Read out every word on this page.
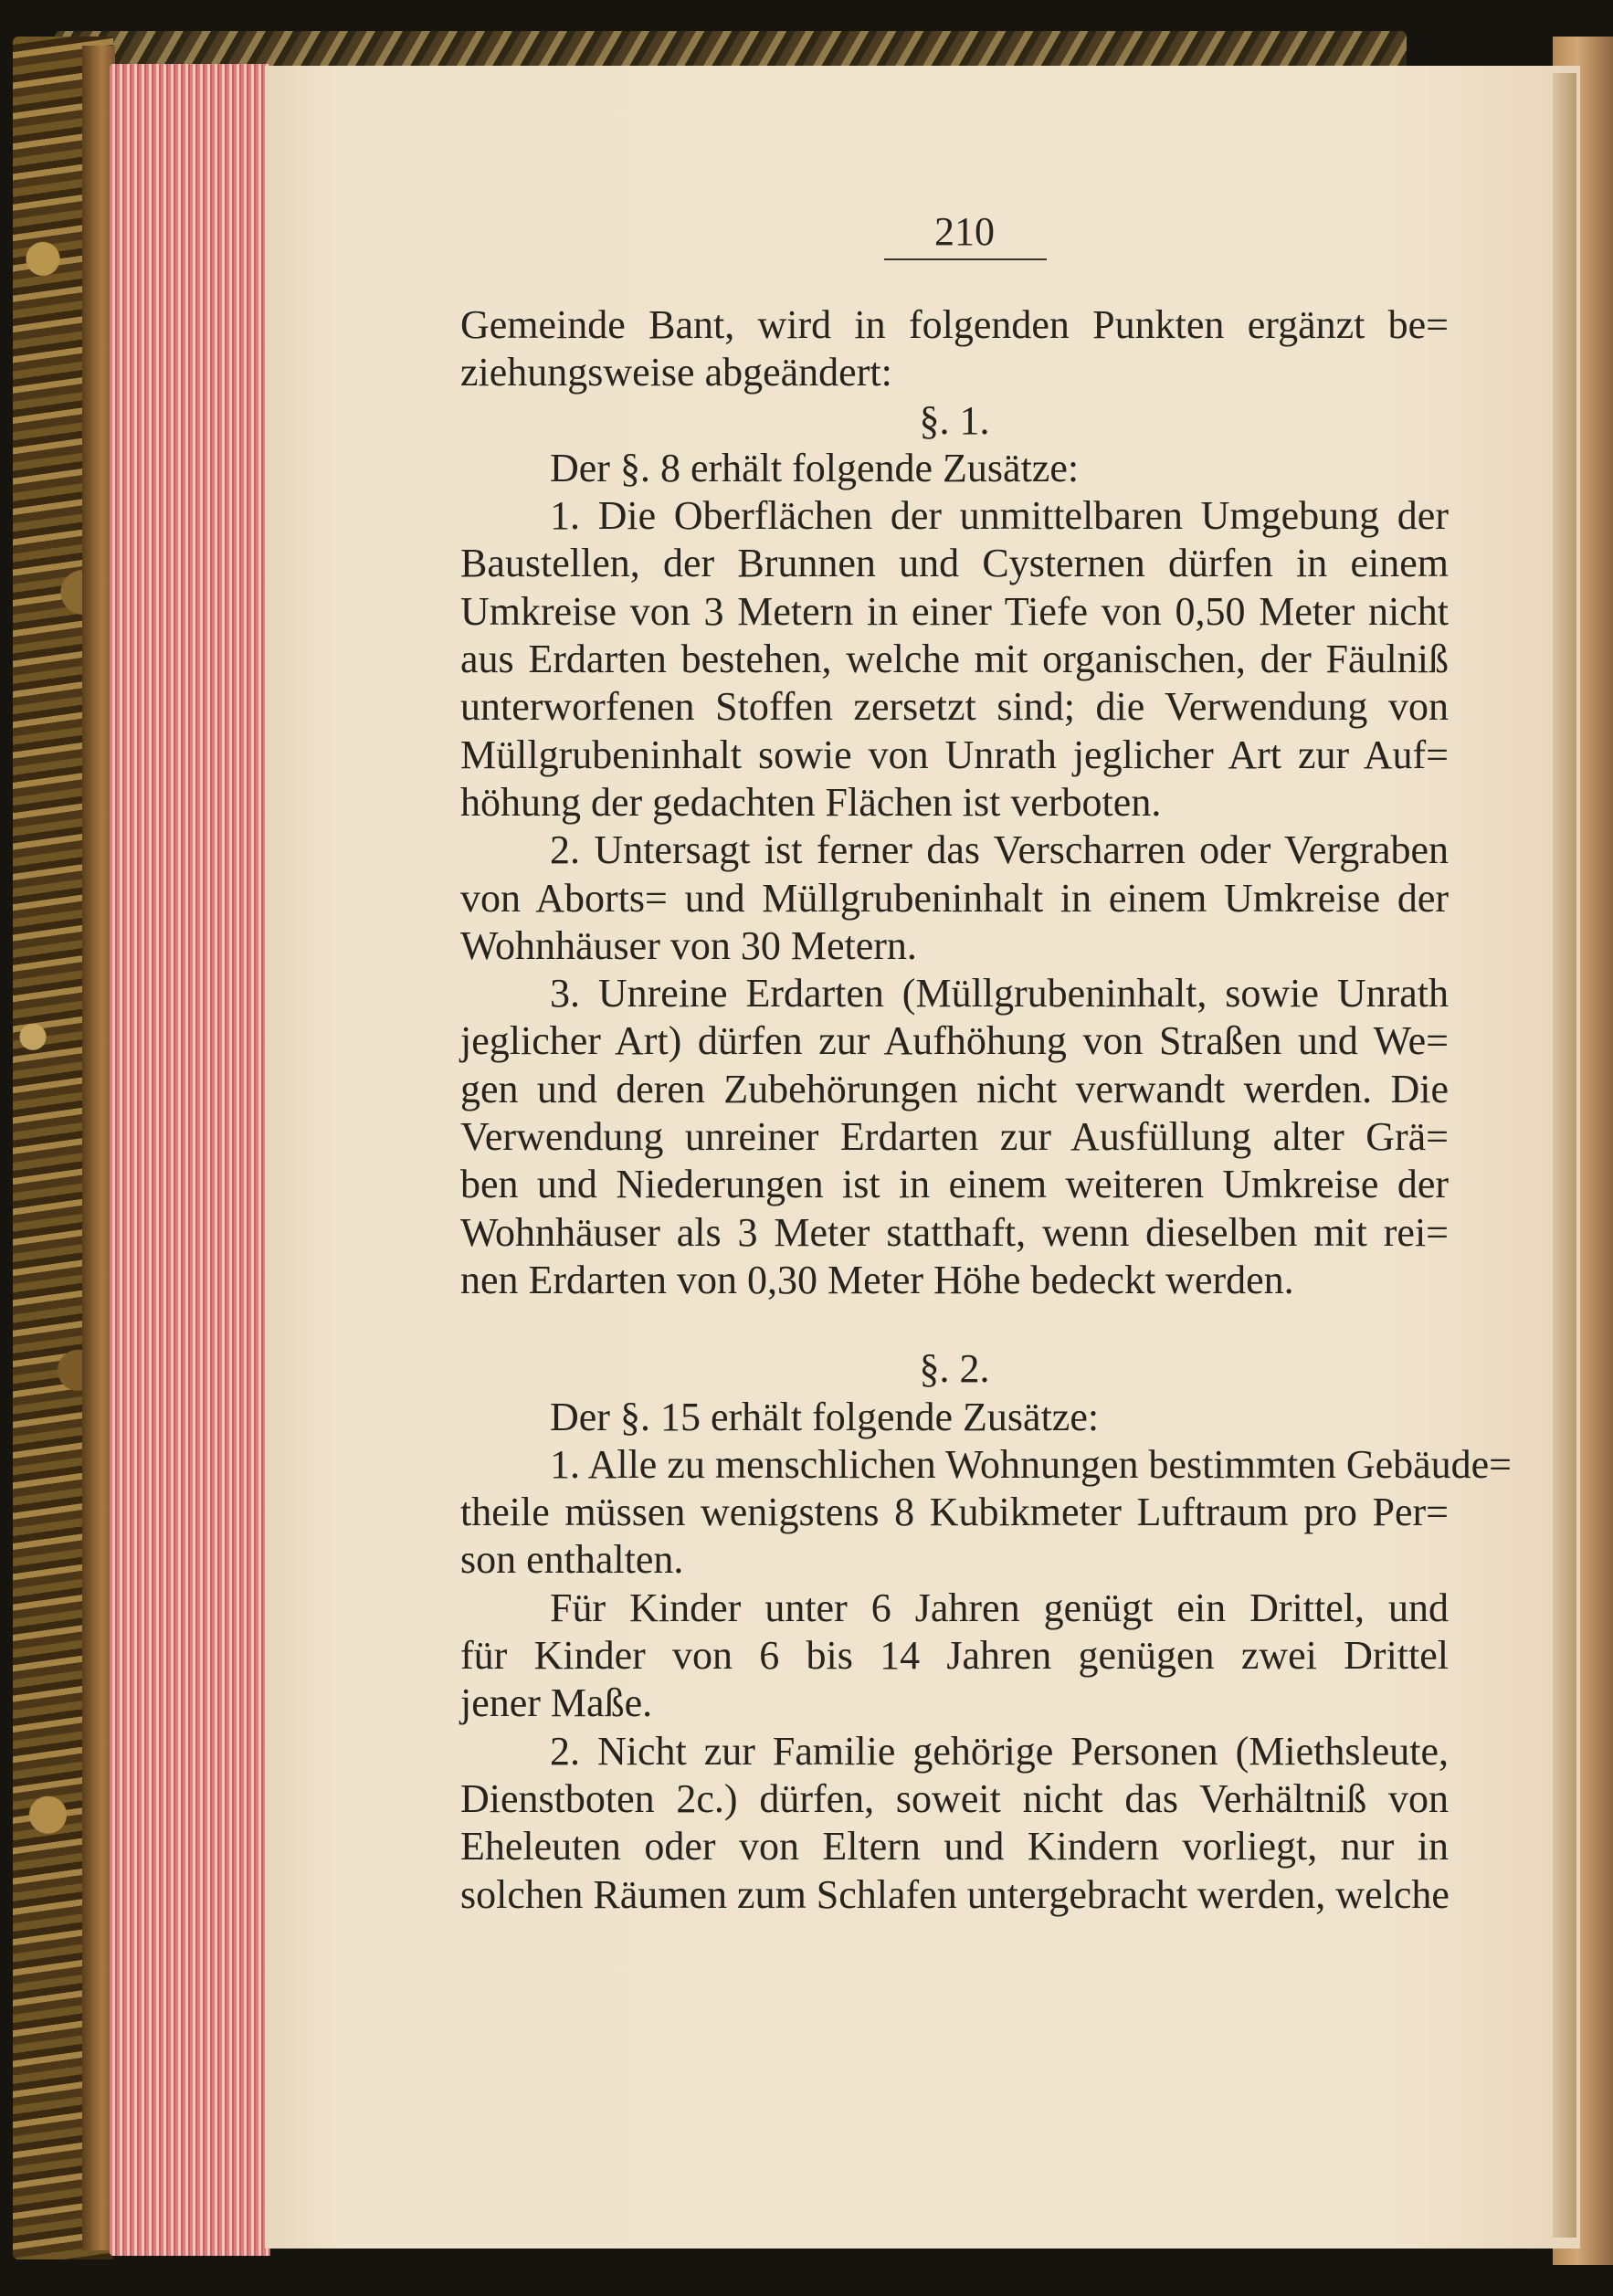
210
Gemeinde Bant, wird in folgenden Punkten ergänzt be=
ziehungsweise abgeändert:
§. 1.
Der §. 8 erhält folgende Zusätze:
1. Die Oberflächen der unmittelbaren Umgebung der
Baustellen, der Brunnen und Cysternen dürfen in einem
Umkreise von 3 Metern in einer Tiefe von 0,50 Meter nicht
aus Erdarten bestehen, welche mit organischen, der Fäulniß
unterworfenen Stoffen zersetzt sind; die Verwendung von
Müllgrubeninhalt sowie von Unrath jeglicher Art zur Auf=
höhung der gedachten Flächen ist verboten.
2. Untersagt ist ferner das Verscharren oder Vergraben
von Aborts= und Müllgrubeninhalt in einem Umkreise der
Wohnhäuser von 30 Metern.
3. Unreine Erdarten (Müllgrubeninhalt, sowie Unrath
jeglicher Art) dürfen zur Aufhöhung von Straßen und We=
gen und deren Zubehörungen nicht verwandt werden. Die
Verwendung unreiner Erdarten zur Ausfüllung alter Grä=
ben und Niederungen ist in einem weiteren Umkreise der
Wohnhäuser als 3 Meter statthaft, wenn dieselben mit rei=
nen Erdarten von 0,30 Meter Höhe bedeckt werden.
§. 2.
Der §. 15 erhält folgende Zusätze:
1. Alle zu menschlichen Wohnungen bestimmten Gebäude=
theile müssen wenigstens 8 Kubikmeter Luftraum pro Per=
son enthalten.
Für Kinder unter 6 Jahren genügt ein Drittel, und
für Kinder von 6 bis 14 Jahren genügen zwei Drittel
jener Maße.
2. Nicht zur Familie gehörige Personen (Miethsleute,
Dienstboten 2c.) dürfen, soweit nicht das Verhältniß von
Eheleuten oder von Eltern und Kindern vorliegt, nur in
solchen Räumen zum Schlafen untergebracht werden, welche
